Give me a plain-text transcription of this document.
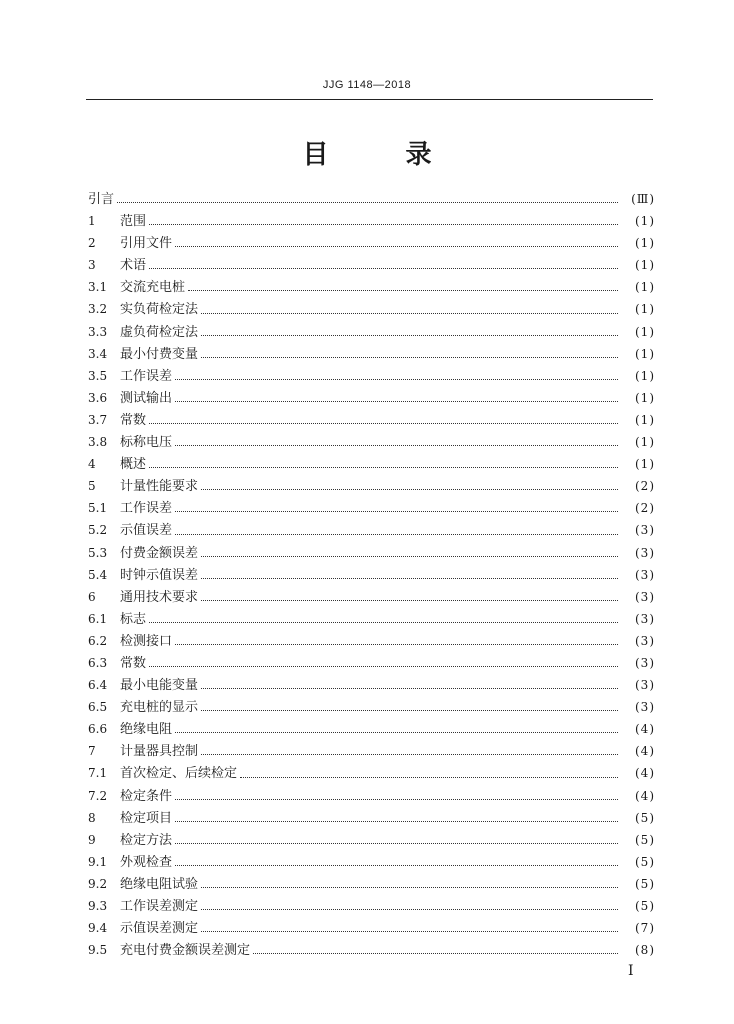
JJG 1148—2018
目 录
引言	(Ⅲ)
1	范围	(1)
2	引用文件	(1)
3	术语	(1)
3.1 交流充电桩	(1)
3.2 实负荷检定法	(1)
3.3 虚负荷检定法	(1)
3.4 最小付费变量	(1)
3.5 工作误差	(1)
3.6 测试输出	(1)
3.7 常数	(1)
3.8 标称电压	(1)
4	概述	(1)
5	计量性能要求	(2)
5.1 工作误差	(2)
5.2 示值误差	(3)
5.3 付费金额误差	(3)
5.4 时钟示值误差	(3)
6	通用技术要求	(3)
6.1 标志	(3)
6.2 检测接口	(3)
6.3 常数	(3)
6.4 最小电能变量	(3)
6.5 充电桩的显示	(3)
6.6 绝缘电阻	(4)
7	计量器具控制	(4)
7.1 首次检定、后续检定	(4)
7.2 检定条件	(4)
8	检定项目	(5)
9	检定方法	(5)
9.1 外观检查	(5)
9.2 绝缘电阻试验	(5)
9.3 工作误差测定	(5)
9.4 示值误差测定	(7)
9.5 充电付费金额误差测定	(8)
Ⅰ
